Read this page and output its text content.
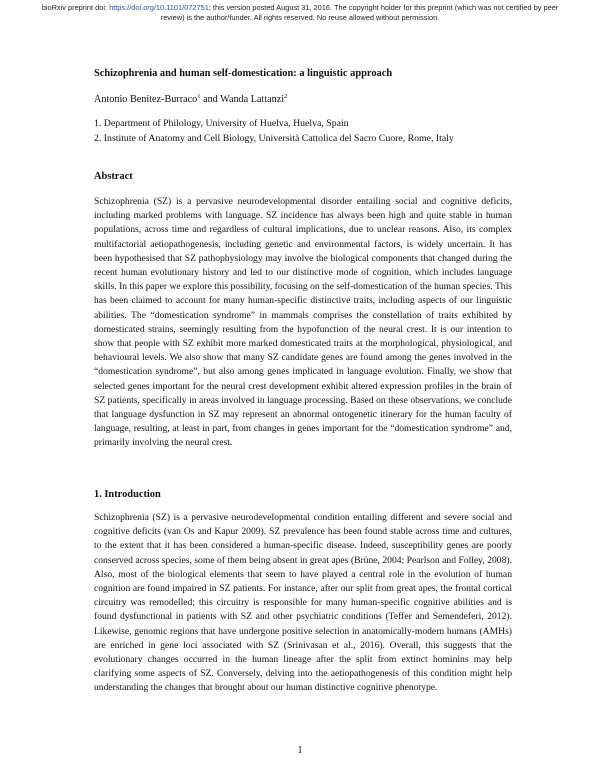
bioRxiv preprint doi: https://doi.org/10.1101/072751; this version posted August 31, 2016. The copyright holder for this preprint (which was not certified by peer review) is the author/funder. All rights reserved. No reuse allowed without permission.
Schizophrenia and human self-domestication: a linguistic approach
Antonio Benítez-Burraco$^1$ and Wanda Lattanzi$^2$
1. Department of Philology, University of Huelva, Huelva, Spain
2. Institute of Anatomy and Cell Biology, Università Cattolica del Sacro Cuore, Rome, Italy
Abstract

Schizophrenia (SZ) is a pervasive neurodevelopmental disorder entailing social and cognitive deficits, including marked problems with language. SZ incidence has always been high and quite stable in human populations, across time and regardless of cultural implications, due to unclear reasons. Also, its complex multifactorial aetiopathogenesis, including genetic and environmental factors, is widely uncertain. It has been hypothesised that SZ pathophysiology may involve the biological components that changed during the recent human evolutionary history and led to our distinctive mode of cognition, which includes language skills. In this paper we explore this possibility, focusing on the self-domestication of the human species. This has been claimed to account for many human-specific distinctive traits, including aspects of our linguistic abilities. The “domestication syndrome” in mammals comprises the constellation of traits exhibited by domesticated strains, seemingly resulting from the hypofunction of the neural crest. It is our intention to show that people with SZ exhibit more marked domesticated traits at the morphological, physiological, and behavioural levels. We also show that many SZ candidate genes are found among the genes involved in the “domestication syndrome”, but also among genes implicated in language evolution. Finally, we show that selected genes important for the neural crest development exhibit altered expression profiles in the brain of SZ patients, specifically in areas involved in language processing. Based on these observations, we conclude that language dysfunction in SZ may represent an abnormal ontogenetic itinerary for the human faculty of language, resulting, at least in part, from changes in genes important for the “domestication syndrome” and, primarily involving the neural crest.

1. Introduction

Schizophrenia (SZ) is a pervasive neurodevelopmental condition entailing different and severe social and cognitive deficits (van Os and Kapur 2009). SZ prevalence has been found stable across time and cultures, to the extent that it has been considered a human-specific disease. Indeed, susceptibility genes are poorly conserved across species, some of them being absent in great apes (Brüne, 2004; Pearlson and Folley, 2008). Also, most of the biological elements that seem to have played a central role in the evolution of human cognition are found impaired in SZ patients. For instance, after our split from great apes, the frontal cortical circuitry was remodelled; this circuitry is responsible for many human-specific cognitive abilities and is found dysfunctional in patients with SZ and other psychiatric conditions (Teffer and Semendeferi, 2012). Likewise, genomic regions that have undergone positive selection in anatomically-modern humans (AMHs) are enriched in gene loci associated with SZ (Srinivasan et al., 2016). Overall, this suggests that the evolutionary changes occurred in the human lineage after the split from extinct hominins may help clarifying some aspects of SZ. Conversely, delving into the aetiopathogenesis of this condition might help understanding the changes that brought about our human distinctive cognitive phenotype.

1
